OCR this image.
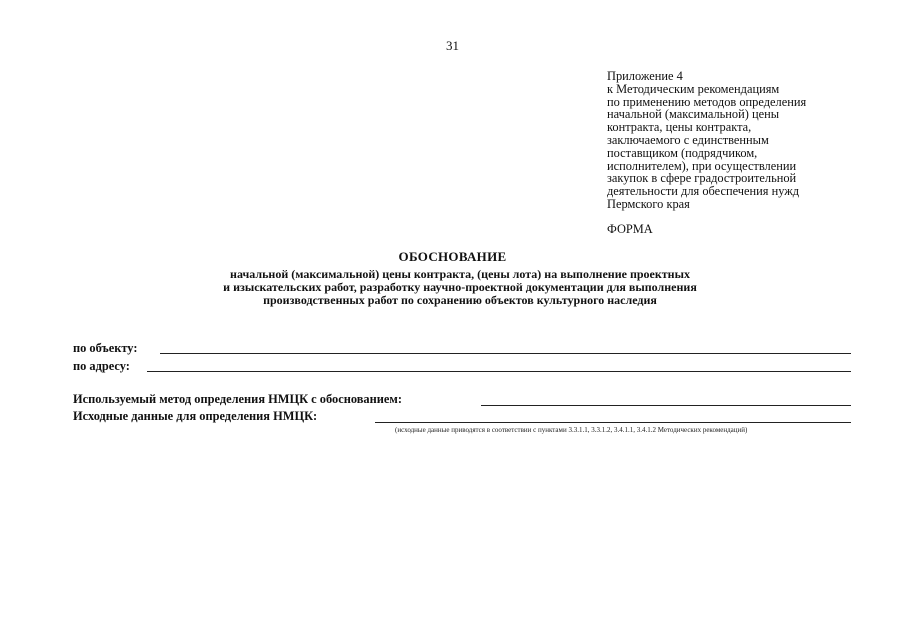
31
Приложение 4
к Методическим рекомендациям
по применению методов определения
начальной (максимальной) цены
контракта, цены контракта,
заключаемого с единственным
поставщиком (подрядчиком,
исполнителем), при осуществлении
закупок в сфере градостроительной
деятельности для обеспечения нужд
Пермского края
ФОРМА
ОБОСНОВАНИЕ
начальной (максимальной) цены контракта, (цены лота) на выполнение проектных
и изыскательских работ, разработку научно-проектной документации для выполнения
производственных работ по сохранению объектов культурного наследия
по объекту:
по адресу:
Используемый метод определения НМЦК с обоснованием:
Исходные данные для определения НМЦК:
(исходные данные приводятся в соответствии с пунктами 3.3.1.1, 3.3.1.2, 3.4.1.1, 3.4.1.2 Методических рекомендаций)
